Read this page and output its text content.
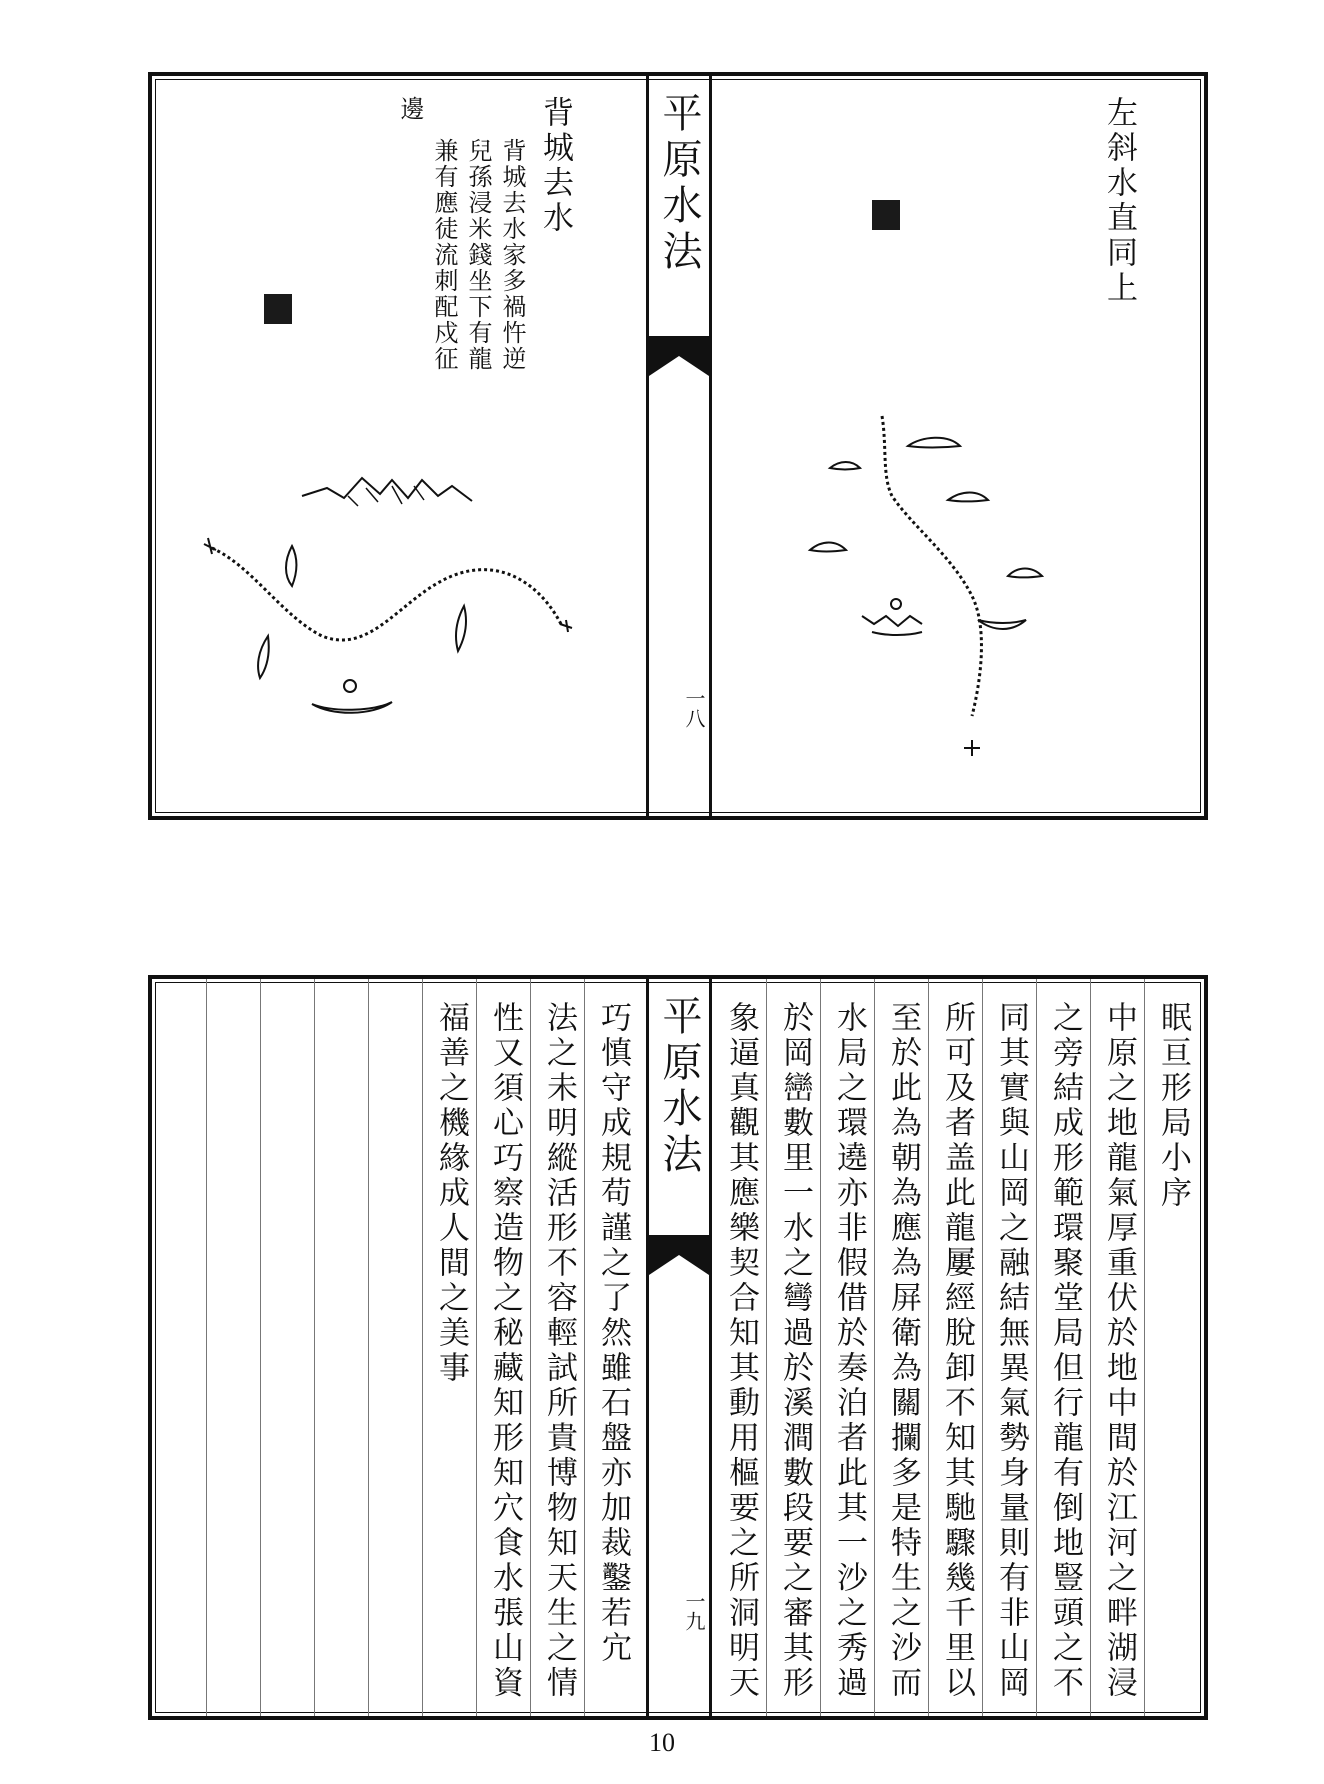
背城去水
背城去水家多禍忤逆
兒孫浸米錢坐下有龍
兼有應徒流刺配戍征
邊	平原水法
一八
左斜水直同上
巧慎守成規苟謹之了然雖石盤亦加裁鑿若宂
法之未明縱活形不容輕試所貴博物知天生之情
性又須心巧察造物之秘藏知形知穴食水張山資
福善之機緣成人間之美事	平原水法
一九
眠亘形局小序
中原之地龍氣厚重伏於地中間於江河之畔湖浸
之旁結成形範環聚堂局但行龍有倒地豎頭之不
同其實與山岡之融結無異氣勢身量則有非山岡
所可及者盖此龍屢經脫卸不知其馳驟幾千里以
至於此為朝為應為屏衛為關攔多是特生之沙而
水局之環遶亦非假借於奏泊者此其一沙之秀過
於岡巒數里一水之彎過於溪澗數段要之審其形
象逼真觀其應樂契合知其動用樞要之所洞明天
10
